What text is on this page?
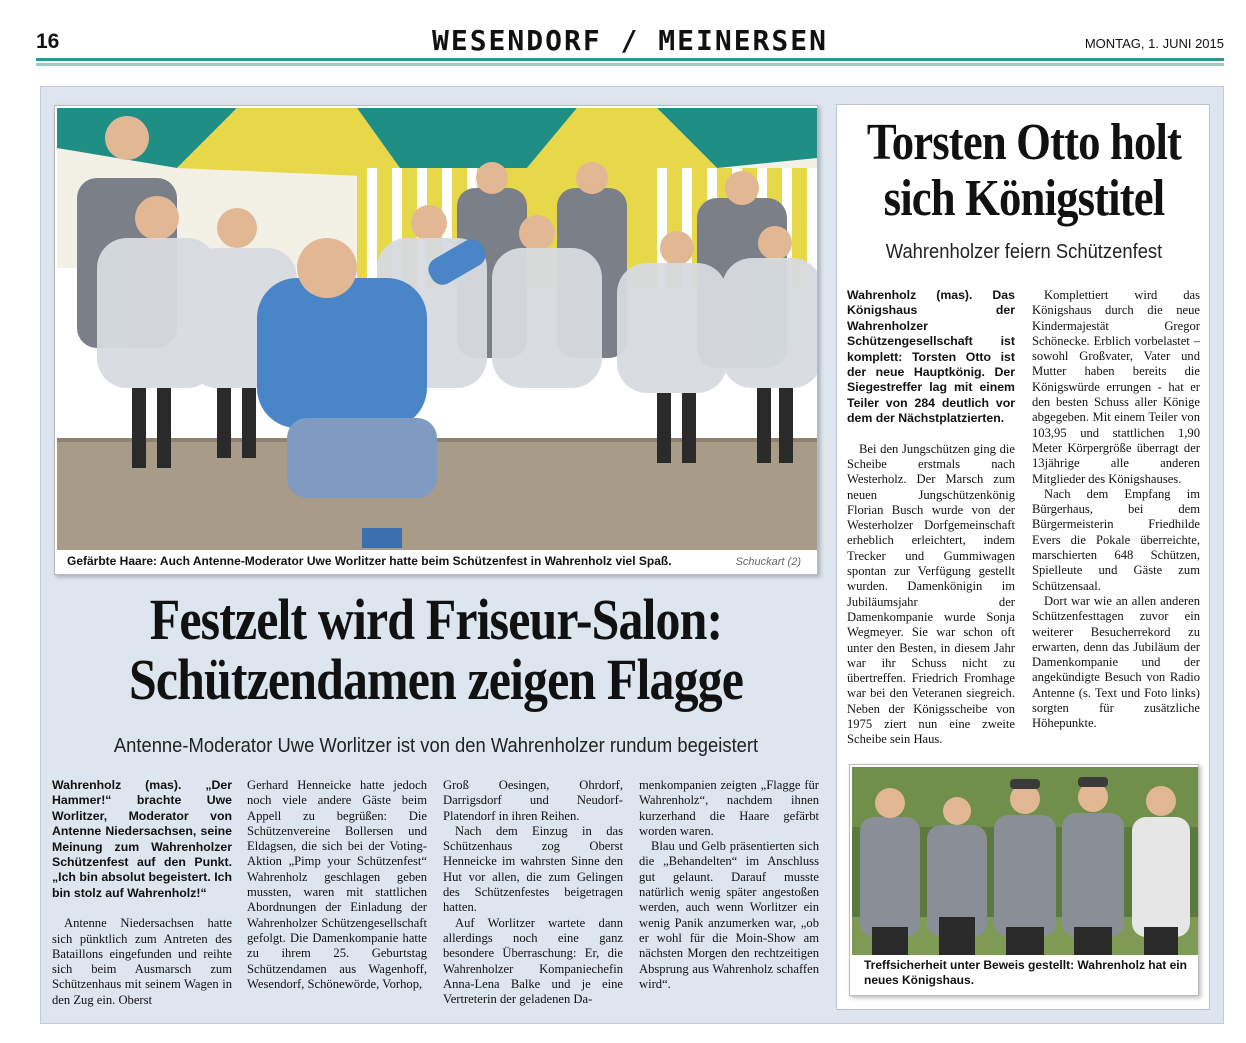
16	WESENDORF / MEINERSEN	MONTAG, 1. JUNI 2015
Gefärbte Haare: Auch Antenne-Moderator Uwe Worlitzer hatte beim Schützenfest in Wahrenholz viel Spaß.	Schuckart (2)
Festzelt wird Friseur-Salon:
Schützendamen zeigen Flagge
Antenne-Moderator Uwe Worlitzer ist von den Wahrenholzer rundum begeistert

Wahrenholz (mas). „Der Hammer!“ brachte Uwe Worlitzer, Moderator von Antenne Niedersachsen, seine Meinung zum Wahrenholzer Schützenfest auf den Punkt. „Ich bin absolut begeistert. Ich bin stolz auf Wahrenholz!“

Antenne Niedersachsen hatte sich pünktlich zum Antreten des Bataillons eingefunden und reihte sich beim Ausmarsch zum Schützenhaus mit seinem Wagen in den Zug ein. Oberst

Gerhard Henneicke hatte jedoch noch viele andere Gäste beim Appell zu begrüßen: Die Schützenvereine Bollersen und Eldagsen, die sich bei der Voting-Aktion „Pimp your Schützenfest“ Wahrenholz geschlagen geben mussten, waren mit stattlichen Abordnungen der Einladung der Wahrenholzer Schützengesellschaft gefolgt. Die Damenkompanie hatte zu ihrem 25. Geburtstag Schützendamen aus Wagenhoff, Wesendorf, Schönewörde, Vorhop,

Groß Oesingen, Ohrdorf, Darrigsdorf und Neudorf-Platendorf in ihren Reihen.

Nach dem Einzug in das Schützenhaus zog Oberst Henneicke im wahrsten Sinne den Hut vor allen, die zum Gelingen des Schützenfestes beigetragen hatten.

Auf Worlitzer wartete dann allerdings noch eine ganz besondere Überraschung: Er, die Wahrenholzer Kompaniechefin Anna-Lena Balke und je eine Vertreterin der geladenen Da-

menkompanien zeigten „Flagge für Wahrenholz“, nachdem ihnen kurzerhand die Haare gefärbt worden waren.

Blau und Gelb präsentierten sich die „Behandelten“ im Anschluss gut gelaunt. Darauf musste natürlich wenig später angestoßen werden, auch wenn Worlitzer ein wenig Panik anzumerken war, „ob er wohl für die Moin-Show am nächsten Morgen den rechtzeitigen Absprung aus Wahrenholz schaffen wird“.

Torsten Otto holt
sich Königstitel
Wahrenholzer feiern Schützenfest

Wahrenholz (mas). Das Königshaus der Wahrenholzer Schützengesellschaft ist komplett: Torsten Otto ist der neue Hauptkönig. Der Siegestreffer lag mit einem Teiler von 284 deutlich vor dem der Nächstplatzierten.

Bei den Jungschützen ging die Scheibe erstmals nach Westerholz. Der Marsch zum neuen Jungschützenkönig Florian Busch wurde von der Westerholzer Dorfgemeinschaft erheblich erleichtert, indem Trecker und Gummiwagen spontan zur Verfügung gestellt wurden. Damenkönigin im Jubiläumsjahr der Damenkompanie wurde Sonja Wegmeyer. Sie war schon oft unter den Besten, in diesem Jahr war ihr Schuss nicht zu übertreffen. Friedrich Fromhage war bei den Veteranen siegreich. Neben der Königsscheibe von 1975 ziert nun eine zweite Scheibe sein Haus.

Komplettiert wird das Königshaus durch die neue Kindermajestät Gregor Schönecke. Erblich vorbelastet – sowohl Großvater, Vater und Mutter haben bereits die Königswürde errungen - hat er den besten Schuss aller Könige abgegeben. Mit einem Teiler von 103,95 und stattlichen 1,90 Meter Körpergröße überragt der 13jährige alle anderen Mitglieder des Königshauses.

Nach dem Empfang im Bürgerhaus, bei dem Bürgermeisterin Friedhilde Evers die Pokale überreichte, marschierten 648 Schützen, Spielleute und Gäste zum Schützensaal.

Dort war wie an allen anderen Schützenfesttagen zuvor ein weiterer Besucherrekord zu erwarten, denn das Jubiläum der Damenkompanie und der angekündigte Besuch von Radio Antenne (s. Text und Foto links) sorgten für zusätzliche Höhepunkte.

Treffsicherheit unter Beweis gestellt: Wahrenholz hat ein neues Königshaus.
